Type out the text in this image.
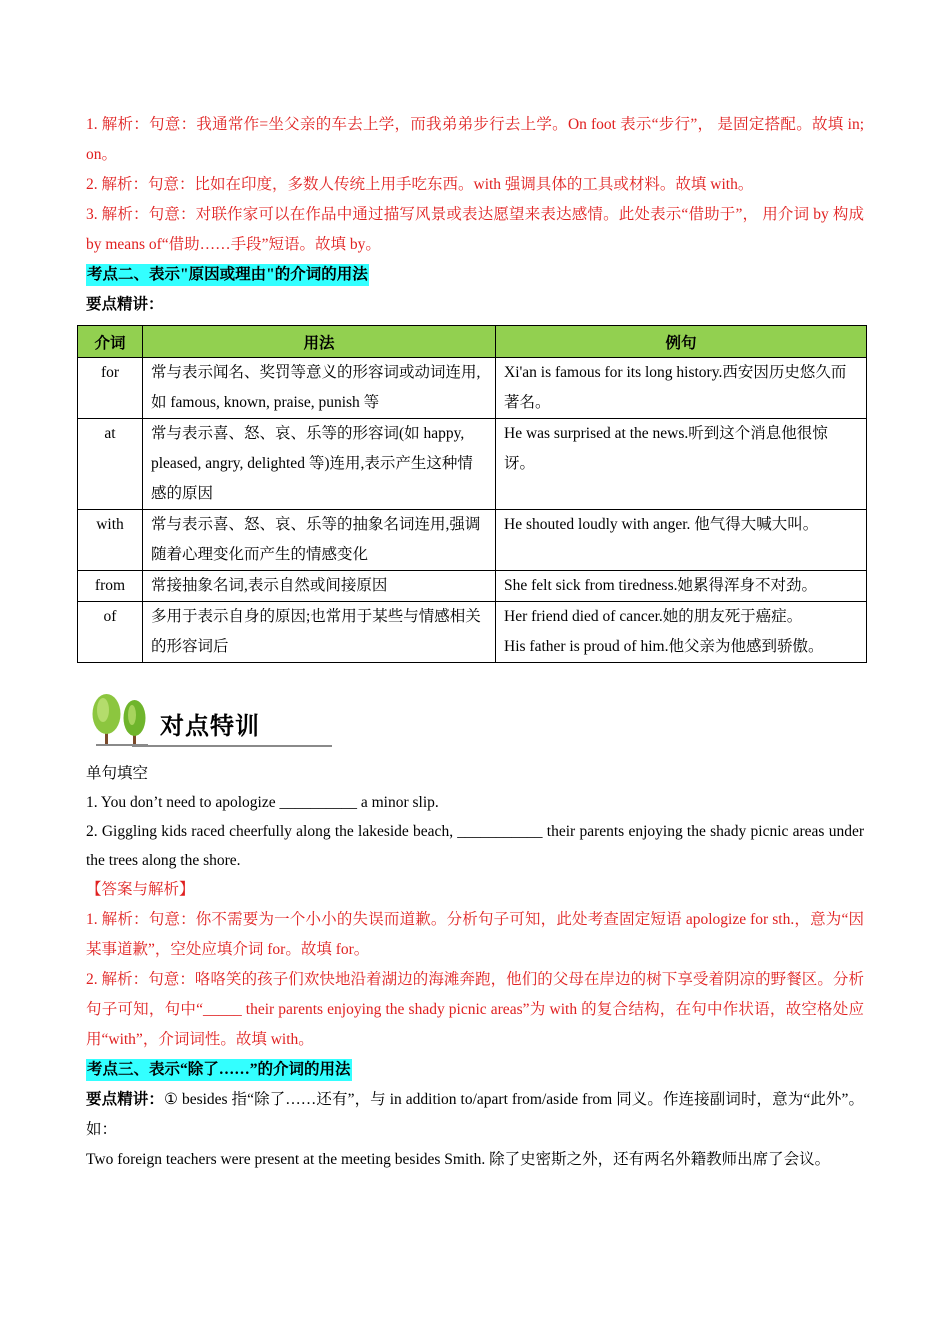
1. 解析：句意：我通常作=坐父亲的车去上学，而我弟弟步行去上学。On foot 表示“步行”， 是固定搭配。故填 in; on。

2. 解析：句意：比如在印度，多数人传统上用手吃东西。with 强调具体的工具或材料。故填 with。

3. 解析：句意：对联作家可以在作品中通过描写风景或表达愿望来表达感情。此处表示“借助于”， 用介词 by 构成 by means of“借助……手段”短语。故填 by。

考点二、表示"原因或理由"的介词的用法

要点精讲：

介词	用法	例句
for	常与表示闻名、奖罚等意义的形容词或动词连用,如 famous, known, praise, punish 等	Xi'an is famous for its long history.西安因历史悠久而著名。
at	常与表示喜、怒、哀、乐等的形容词(如 happy, pleased, angry, delighted 等)连用,表示产生这种情感的原因	He was surprised at the news.听到这个消息他很惊讶。
with	常与表示喜、怒、哀、乐等的抽象名词连用,强调随着心理变化而产生的情感变化	He shouted loudly with anger. 他气得大喊大叫。
from	常接抽象名词,表示自然或间接原因	She felt sick from tiredness.她累得浑身不对劲。
of	多用于表示自身的原因;也常用于某些与情感相关的形容词后	Her friend died of cancer.她的朋友死于癌症。
His father is proud of him.他父亲为他感到骄傲。
对点特训

单句填空

1. You don’t need to apologize __________ a minor slip.

2. Giggling kids raced cheerfully along the lakeside beach, ___________ their parents enjoying the shady picnic areas under the trees along the shore.

【答案与解析】

1. 解析：句意：你不需要为一个小小的失误而道歉。分析句子可知，此处考查固定短语 apologize for sth.，意为“因某事道歉”，空处应填介词 for。故填 for。

2. 解析：句意：咯咯笑的孩子们欢快地沿着湖边的海滩奔跑，他们的父母在岸边的树下享受着阴凉的野餐区。分析句子可知，句中“_____ their parents enjoying the shady picnic areas”为 with 的复合结构，在句中作状语，故空格处应用“with”，介词词性。故填 with。

考点三、表示“除了……”的介词的用法

要点精讲：① besides 指“除了……还有”，与 in addition to/apart from/aside from 同义。作连接副词时，意为“此外”。如：

Two foreign teachers were present at the meeting besides Smith. 除了史密斯之外，还有两名外籍教师出席了会议。
